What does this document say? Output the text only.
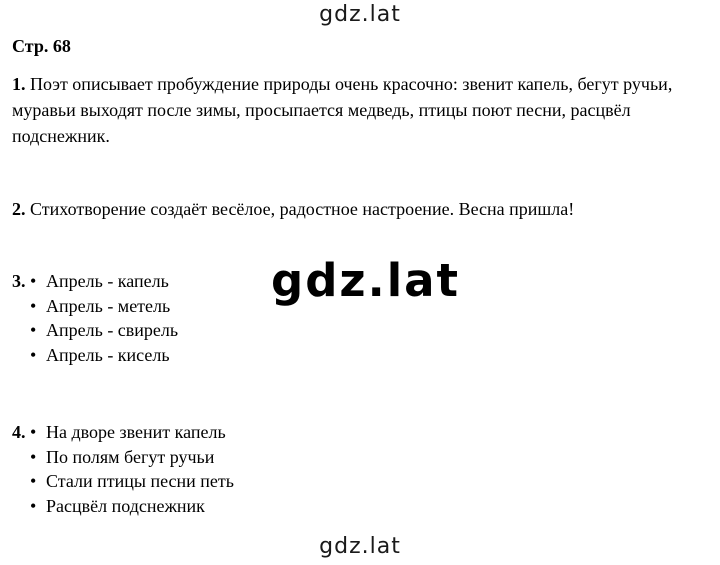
gdz.lat
Стр. 68
1. Поэт описывает пробуждение природы очень красочно: звенит капель, бегут ручьи, муравьи выходят после зимы, просыпается медведь, птицы поют песни, расцвёл подснежник.
2. Стихотворение создаёт весёлое, радостное настроение. Весна пришла!
3. • Апрель - капель
• Апрель - метель
• Апрель - свирель
• Апрель - кисель
gdz.lat
4. • На дворе звенит капель
• По полям бегут ручьи
• Стали птицы песни петь
• Расцвёл подснежник
gdz.lat
